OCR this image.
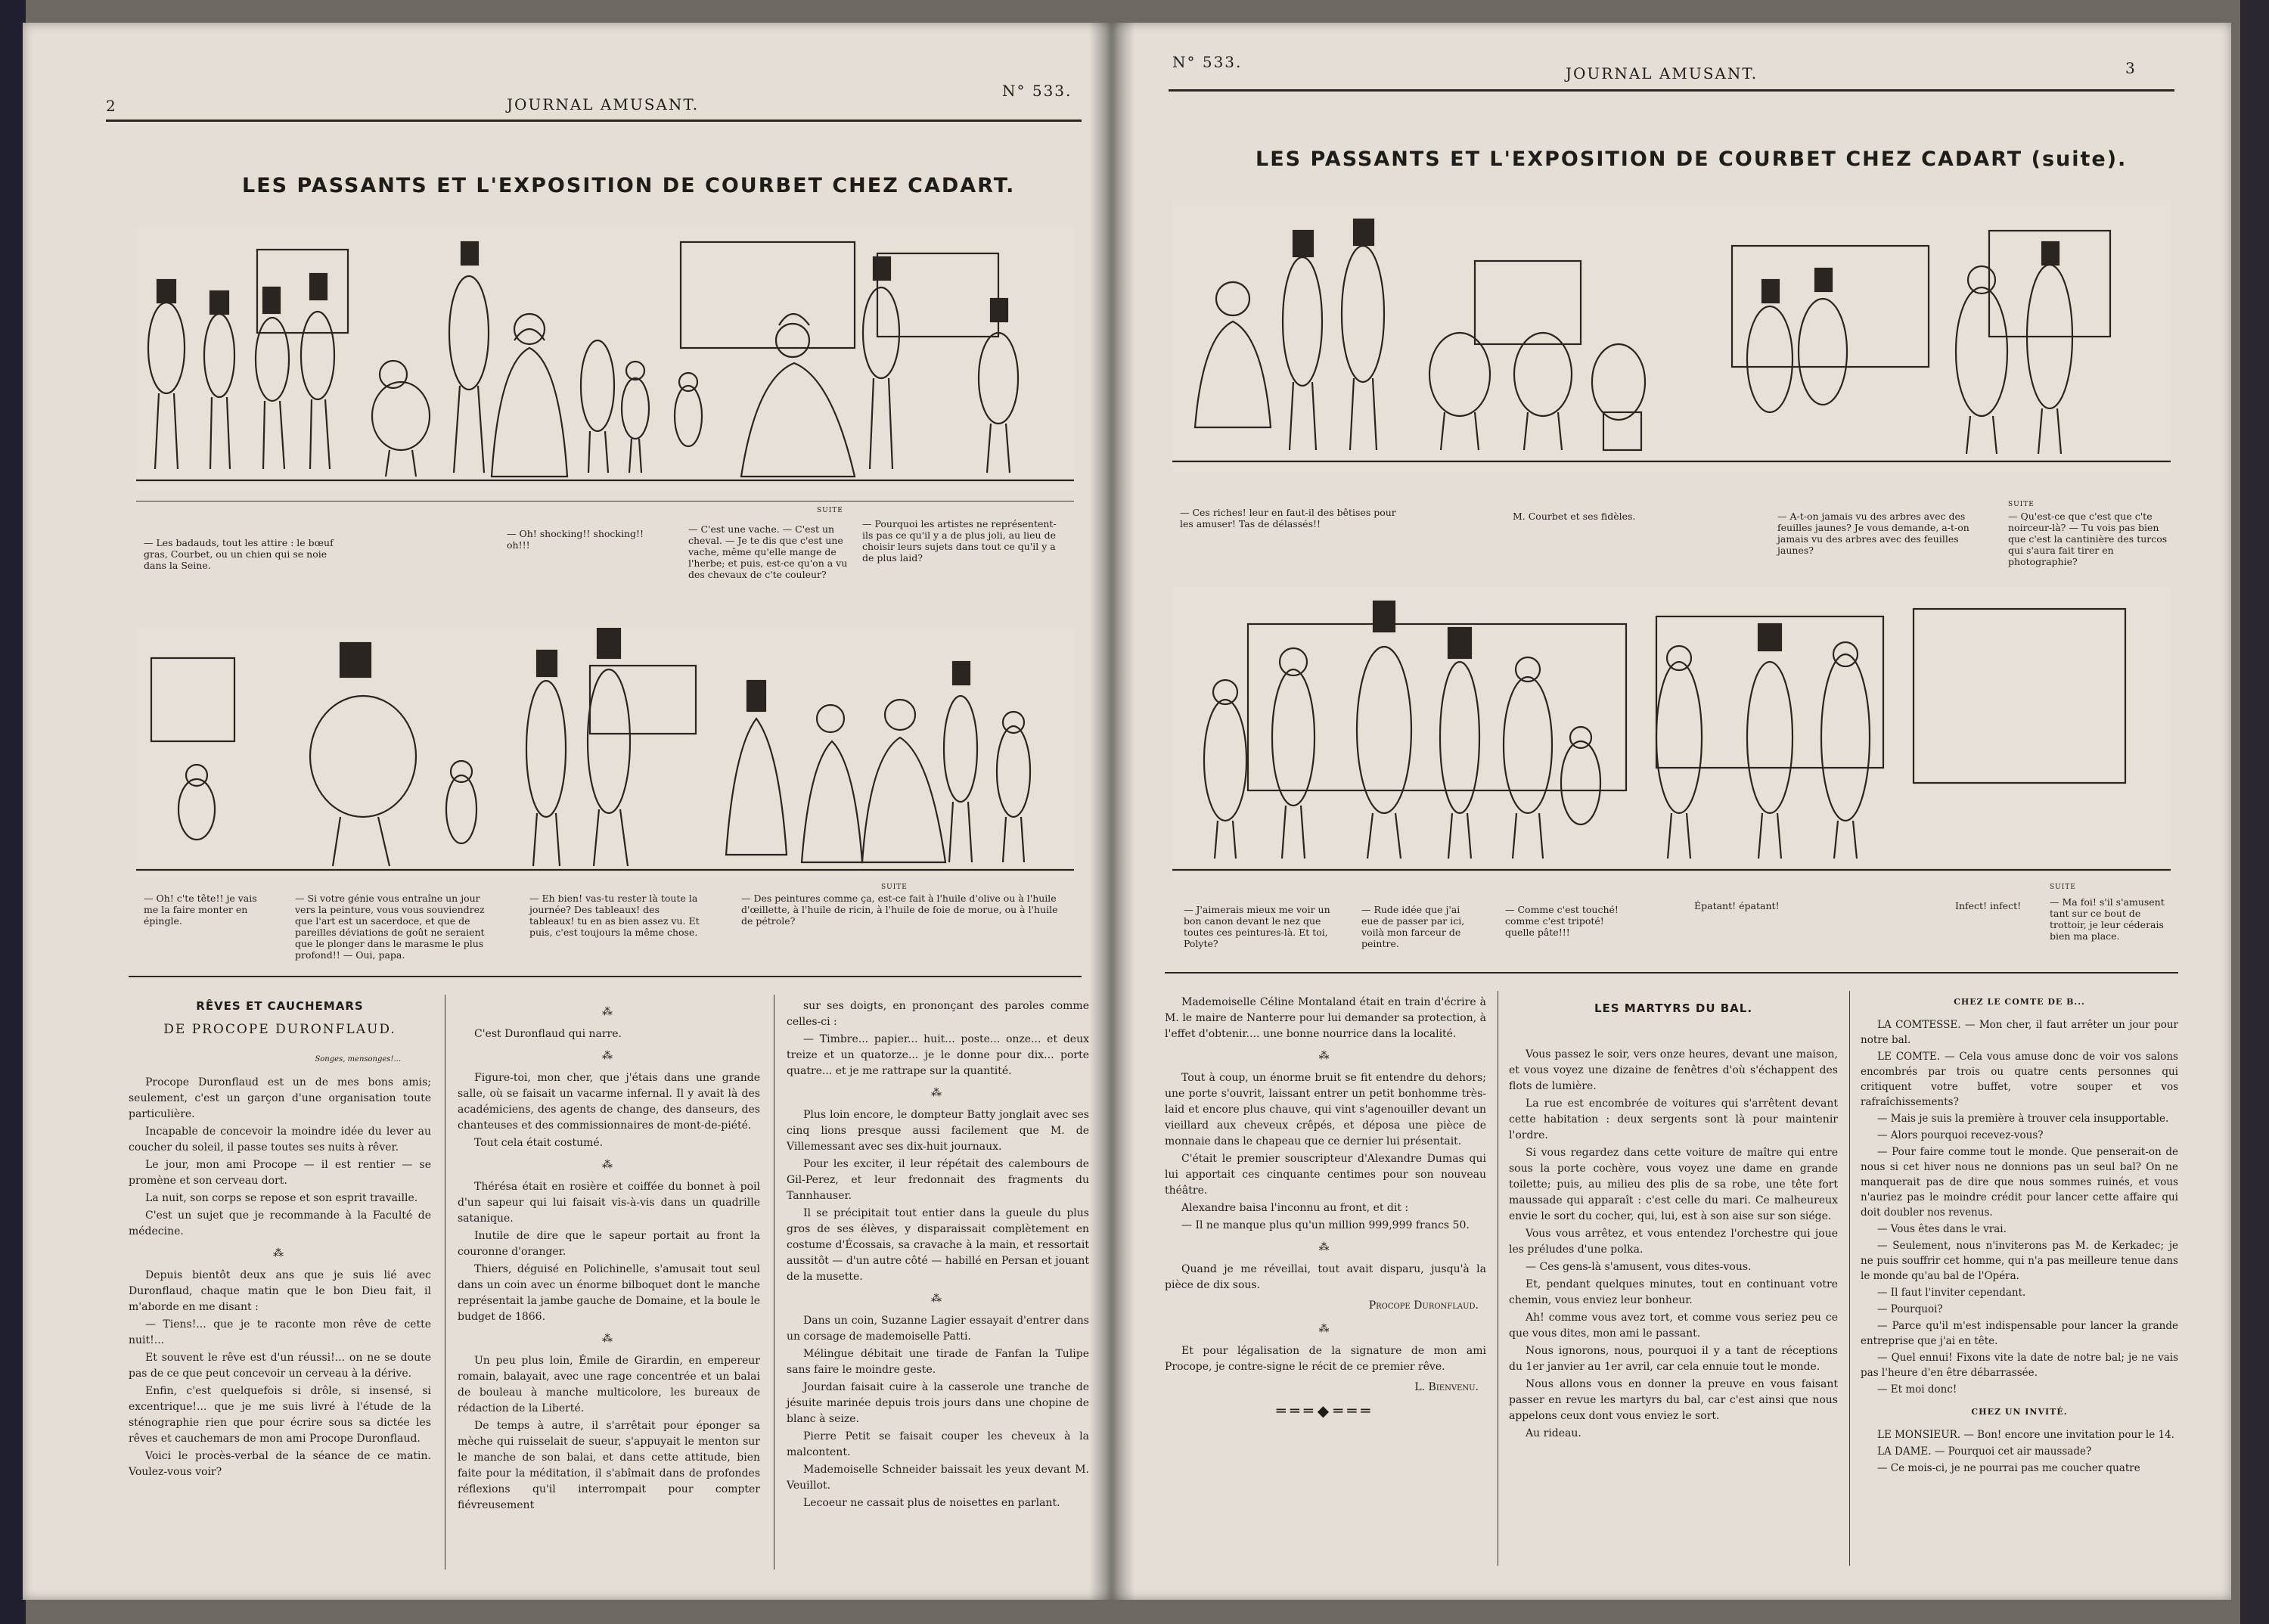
2	JOURNAL AMUSANT.
N° 533.
LES PASSANTS ET L'EXPOSITION DE COURBET CHEZ CADART.
— Les badauds, tout les attire : le bœuf gras, Courbet, ou un chien qui se noie dans la Seine.
— Oh! shocking!! shocking!! oh!!!
— C'est une vache. — C'est un cheval. — Je te dis que c'est une vache, même qu'elle mange de l'herbe; et puis, est-ce qu'on a vu des chevaux de c'te couleur?
SUITE
— Pourquoi les artistes ne représentent-ils pas ce qu'il y a de plus joli, au lieu de choisir leurs sujets dans tout ce qu'il y a de plus laid?
— Oh! c'te tête!! je vais me la faire monter en épingle.
— Si votre génie vous entraîne un jour vers la peinture, vous vous souviendrez que l'art est un sacerdoce, et que de pareilles déviations de goût ne seraient que le plonger dans le marasme le plus profond!! — Oui, papa.
— Eh bien! vas-tu rester là toute la journée? Des tableaux! des tableaux! tu en as bien assez vu. Et puis, c'est toujours la même chose.
SUITE
— Des peintures comme ça, est-ce fait à l'huile d'olive ou à l'huile d'œillette, à l'huile de ricin, à l'huile de foie de morue, ou à l'huile de pétrole?
RÊVES ET CAUCHEMARS
DE PROCOPE DURONFLAUD.
Songes, mensonges!...

Procope Duronflaud est un de mes bons amis; seulement, c'est un garçon d'une organisation toute particulière.

Incapable de concevoir la moindre idée du lever au coucher du soleil, il passe toutes ses nuits à rêver.

Le jour, mon ami Procope — il est rentier — se promène et son cerveau dort.

La nuit, son corps se repose et son esprit travaille.

C'est un sujet que je recommande à la Faculté de médecine.

⁂

Depuis bientôt deux ans que je suis lié avec Duronflaud, chaque matin que le bon Dieu fait, il m'aborde en me disant :

— Tiens!... que je te raconte mon rêve de cette nuit!...

Et souvent le rêve est d'un réussi!... on ne se doute pas de ce que peut concevoir un cerveau à la dérive.

Enfin, c'est quelquefois si drôle, si insensé, si excentrique!... que je me suis livré à l'étude de la sténographie rien que pour écrire sous sa dictée les rêves et cauchemars de mon ami Procope Duronflaud.

Voici le procès-verbal de la séance de ce matin. Voulez-vous voir?

⁂

C'est Duronflaud qui narre.

⁂

Figure-toi, mon cher, que j'étais dans une grande salle, où se faisait un vacarme infernal. Il y avait là des académiciens, des agents de change, des danseurs, des chanteuses et des commissionnaires de mont-de-piété.

Tout cela était costumé.

⁂

Thérésa était en rosière et coiffée du bonnet à poil d'un sapeur qui lui faisait vis-à-vis dans un quadrille satanique.

Inutile de dire que le sapeur portait au front la couronne d'oranger.

Thiers, déguisé en Polichinelle, s'amusait tout seul dans un coin avec un énorme bilboquet dont le manche représentait la jambe gauche de Domaine, et la boule le budget de 1866.

⁂

Un peu plus loin, Émile de Girardin, en empereur romain, balayait, avec une rage concentrée et un balai de bouleau à manche multicolore, les bureaux de rédaction de la Liberté.

De temps à autre, il s'arrêtait pour éponger sa mèche qui ruisselait de sueur, s'appuyait le menton sur le manche de son balai, et dans cette attitude, bien faite pour la méditation, il s'abîmait dans de profondes réflexions qu'il interrompait pour compter fiévreusement

sur ses doigts, en prononçant des paroles comme celles-ci :

— Timbre... papier... huit... poste... onze... et deux treize et un quatorze... je le donne pour dix... porte quatre... et je me rattrape sur la quantité.

⁂

Plus loin encore, le dompteur Batty jonglait avec ses cinq lions presque aussi facilement que M. de Villemessant avec ses dix-huit journaux.

Pour les exciter, il leur répétait des calembours de Gil-Perez, et leur fredonnait des fragments du Tannhauser.

Il se précipitait tout entier dans la gueule du plus gros de ses élèves, y disparaissait complètement en costume d'Écossais, sa cravache à la main, et ressortait aussitôt — d'un autre côté — habillé en Persan et jouant de la musette.

⁂

Dans un coin, Suzanne Lagier essayait d'entrer dans un corsage de mademoiselle Patti.

Mélingue débitait une tirade de Fanfan la Tulipe sans faire le moindre geste.

Jourdan faisait cuire à la casserole une tranche de jésuite marinée depuis trois jours dans une chopine de blanc à seize.

Pierre Petit se faisait couper les cheveux à la malcontent.

Mademoiselle Schneider baissait les yeux devant M. Veuillot.

Lecoeur ne cassait plus de noisettes en parlant.

N° 533.
JOURNAL AMUSANT.	3
LES PASSANTS ET L'EXPOSITION DE COURBET CHEZ CADART (suite).
— Ces riches! leur en faut-il des bêtises pour les amuser! Tas de délassés!!
M. Courbet et ses fidèles.	— A-t-on jamais vu des arbres avec des feuilles jaunes? Je vous demande, a-t-on jamais vu des arbres avec des feuilles jaunes?
SUITE
— Qu'est-ce que c'est que c'te noirceur-là? — Tu vois pas bien que c'est la cantinière des turcos qui s'aura fait tirer en photographie?
— J'aimerais mieux me voir un bon canon devant le nez que toutes ces peintures-là. Et toi, Polyte?
— Rude idée que j'ai eue de passer par ici, voilà mon farceur de peintre.
— Comme c'est touché! comme c'est tripoté! quelle pâte!!!
Épatant! épatant!	Infect! infect!
SUITE
— Ma foi! s'il s'amusent tant sur ce bout de trottoir, je leur céderais bien ma place.

Mademoiselle Céline Montaland était en train d'écrire à M. le maire de Nanterre pour lui demander sa protection, à l'effet d'obtenir.... une bonne nourrice dans la localité.

⁂

Tout à coup, un énorme bruit se fit entendre du dehors; une porte s'ouvrit, laissant entrer un petit bonhomme très-laid et encore plus chauve, qui vint s'agenouiller devant un vieillard aux cheveux crêpés, et déposa une pièce de monnaie dans le chapeau que ce dernier lui présentait.

C'était le premier souscripteur d'Alexandre Dumas qui lui apportait ces cinquante centimes pour son nouveau théâtre.

Alexandre baisa l'inconnu au front, et dit :

— Il ne manque plus qu'un million 999,999 francs 50.

⁂

Quand je me réveillai, tout avait disparu, jusqu'à la pièce de dix sous.

Procope Duronflaud.
⁂

Et pour légalisation de la signature de mon ami Procope, je contre-signe le récit de ce premier rêve.

L. Bienvenu.
═══◆═══
LES MARTYRS DU BAL.

Vous passez le soir, vers onze heures, devant une maison, et vous voyez une dizaine de fenêtres d'où s'échappent des flots de lumière.

La rue est encombrée de voitures qui s'arrêtent devant cette habitation : deux sergents sont là pour maintenir l'ordre.

Si vous regardez dans cette voiture de maître qui entre sous la porte cochère, vous voyez une dame en grande toilette; puis, au milieu des plis de sa robe, une tête fort maussade qui apparaît : c'est celle du mari. Ce malheureux envie le sort du cocher, qui, lui, est à son aise sur son siége.

Vous vous arrêtez, et vous entendez l'orchestre qui joue les préludes d'une polka.

— Ces gens-là s'amusent, vous dites-vous.

Et, pendant quelques minutes, tout en continuant votre chemin, vous enviez leur bonheur.

Ah! comme vous avez tort, et comme vous seriez peu ce que vous dites, mon ami le passant.

Nous ignorons, nous, pourquoi il y a tant de réceptions du 1er janvier au 1er avril, car cela ennuie tout le monde.

Nous allons vous en donner la preuve en vous faisant passer en revue les martyrs du bal, car c'est ainsi que nous appelons ceux dont vous enviez le sort.

Au rideau.

CHEZ LE COMTE DE B...

LA COMTESSE. — Mon cher, il faut arrêter un jour pour notre bal.

LE COMTE. — Cela vous amuse donc de voir vos salons encombrés par trois ou quatre cents personnes qui critiquent votre buffet, votre souper et vos rafraîchissements?

— Mais je suis la première à trouver cela insupportable.

— Alors pourquoi recevez-vous?

— Pour faire comme tout le monde. Que penserait-on de nous si cet hiver nous ne donnions pas un seul bal? On ne manquerait pas de dire que nous sommes ruinés, et vous n'auriez pas le moindre crédit pour lancer cette affaire qui doit doubler nos revenus.

— Vous êtes dans le vrai.

— Seulement, nous n'inviterons pas M. de Kerkadec; je ne puis souffrir cet homme, qui n'a pas meilleure tenue dans le monde qu'au bal de l'Opéra.

— Il faut l'inviter cependant.

— Pourquoi?

— Parce qu'il m'est indispensable pour lancer la grande entreprise que j'ai en tête.

— Quel ennui! Fixons vite la date de notre bal; je ne vais pas l'heure d'en être débarrassée.

— Et moi donc!

CHEZ UN INVITÉ.

LE MONSIEUR. — Bon! encore une invitation pour le 14.

LA DAME. — Pourquoi cet air maussade?

— Ce mois-ci, je ne pourrai pas me coucher quatre
